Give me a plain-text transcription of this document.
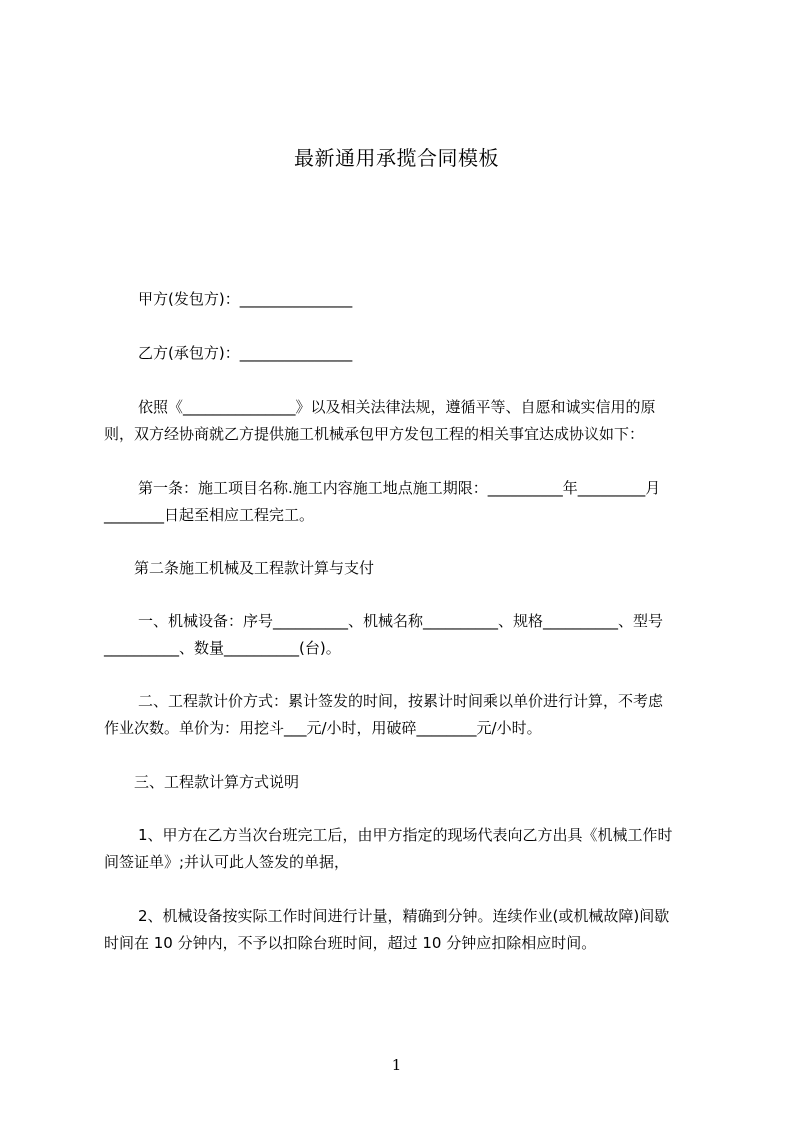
最新通用承揽合同模板
甲方(发包方)：_______________
乙方(承包方)：_______________
依照《_______________》以及相关法律法规，遵循平等、自愿和诚实信用的原
则，双方经协商就乙方提供施工机械承包甲方发包工程的相关事宜达成协议如下：
第一条：施工项目名称.施工内容施工地点施工期限：__________年_________月
________日起至相应工程完工。
第二条施工机械及工程款计算与支付
一、机械设备：序号__________、机械名称__________、规格__________、型号
__________、数量__________(台)。
二、工程款计价方式：累计签发的时间，按累计时间乘以单价进行计算，不考虑
作业次数。单价为：用挖斗___元/小时，用破碎________元/小时。
三、工程款计算方式说明
1、甲方在乙方当次台班完工后，由甲方指定的现场代表向乙方出具《机械工作时
间签证单》;并认可此人签发的单据，
2、机械设备按实际工作时间进行计量，精确到分钟。连续作业(或机械故障)间歇
时间在 10 分钟内，不予以扣除台班时间，超过 10 分钟应扣除相应时间。
1
